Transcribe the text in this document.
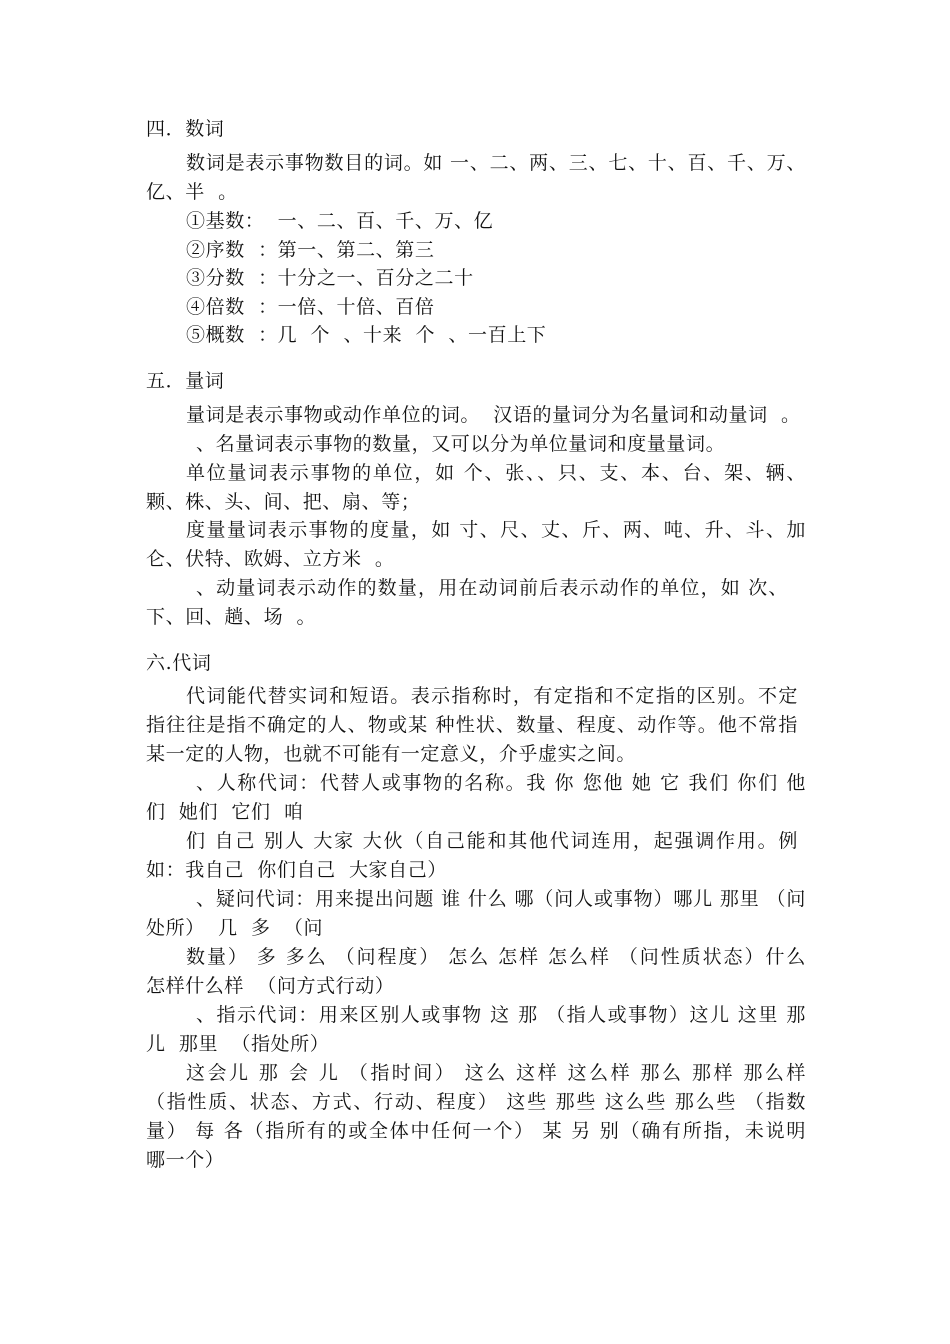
四．数词
数词是表示事物数目的词。如 一、二、两、三、七、十、百、千、万、
亿、半  。
①基数：  一、二、百、千、万、亿
②序数  ：第一、第二、第三
③分数  ：十分之一、百分之二十
④倍数  ：一倍、十倍、百倍
⑤概数  ：几  个  、十来  个  、一百上下
五．量词
量词是表示事物或动作单位的词。  汉语的量词分为名量词和动量词  。
、名量词表示事物的数量，又可以分为单位量词和度量量词。
单位量词表示事物的单位，如 个、张、、只、支、本、台、架、辆、
颗、株、头、间、把、扇、等；
度量量词表示事物的度量，如 寸、尺、丈、斤、两、吨、升、斗、加
仑、伏特、欧姆、立方米  。
、动量词表示动作的数量，用在动词前后表示动作的单位，如 次、
下、回、趟、场  。
六.代词
代词能代替实词和短语。表示指称时，有定指和不定指的区别。不定
指往往是指不确定的人、物或某 种性状、数量、程度、动作等。他不常指
某一定的人物，也就不可能有一定意义，介乎虚实之间。
、人称代词：代替人或事物的名称。我 你 您他 她 它 我们 你们 他
们  她们  它们  咱
们 自己 别人 大家 大伙（自己能和其他代词连用，起强调作用。例
如：我自己  你们自己  大家自己）
、疑问代词：用来提出问题 谁 什么 哪（问人或事物）哪儿 那里 （问
处所）  几  多  （问
数量） 多 多么 （问程度） 怎么 怎样 怎么样 （问性质状态）什么
怎样什么样  （问方式行动）
、指示代词：用来区别人或事物 这 那 （指人或事物）这儿 这里 那
儿  那里  （指处所）
这会儿 那 会 儿 （指时间） 这么 这样 这么样 那么 那样 那么样
（指性质、状态、方式、行动、程度） 这些 那些 这么些 那么些 （指数
量） 每 各（指所有的或全体中任何一个） 某 另 别（确有所指，未说明
哪一个）
